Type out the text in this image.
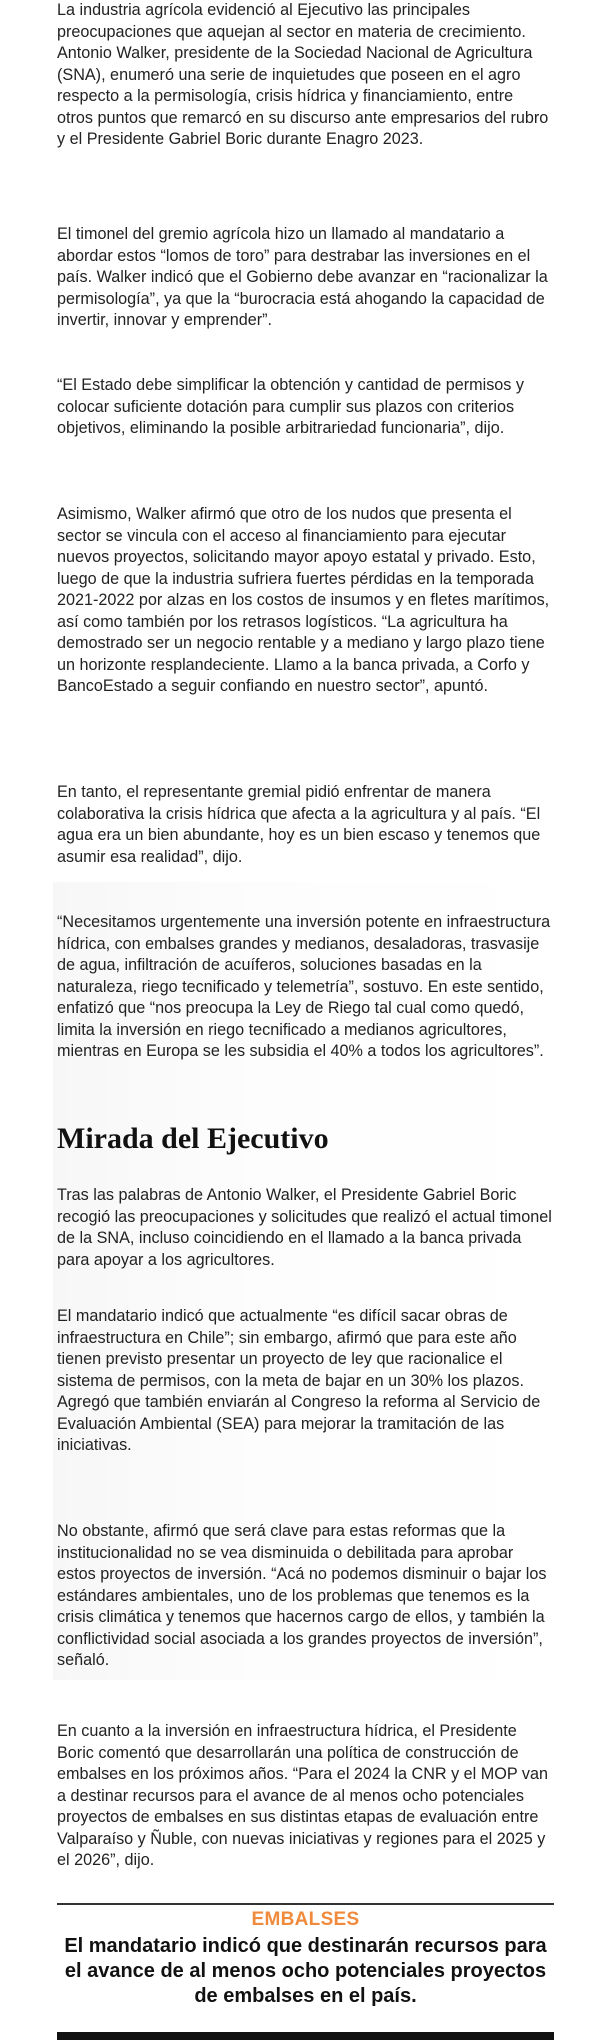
La industria agrícola evidenció al Ejecutivo las principales preocupaciones que aquejan al sector en materia de crecimiento. Antonio Walker, presidente de la Sociedad Nacional de Agricultura (SNA), enumeró una serie de inquietudes que poseen en el agro respecto a la permisología, crisis hídrica y financiamiento, entre otros puntos que remarcó en su discurso ante empresarios del rubro y el Presidente Gabriel Boric durante Enagro 2023.

El timonel del gremio agrícola hizo un llamado al mandatario a abordar estos “lomos de toro” para destrabar las inversiones en el país. Walker indicó que el Gobierno debe avanzar en “racionalizar la permisología”, ya que la “burocracia está ahogando la capacidad de invertir, innovar y emprender”.

“El Estado debe simplificar la obtención y cantidad de permisos y colocar suficiente dotación para cumplir sus plazos con criterios objetivos, eliminando la posible arbitrariedad funcionaria”, dijo.

Asimismo, Walker afirmó que otro de los nudos que presenta el sector se vincula con el acceso al financiamiento para ejecutar nuevos proyectos, solicitando mayor apoyo estatal y privado. Esto, luego de que la industria sufriera fuertes pérdidas en la temporada 2021-2022 por alzas en los costos de insumos y en fletes marítimos, así como también por los retrasos logísticos. “La agricultura ha demostrado ser un negocio rentable y a mediano y largo plazo tiene un horizonte resplandeciente. Llamo a la banca privada, a Corfo y BancoEstado a seguir confiando en nuestro sector”, apuntó.

En tanto, el representante gremial pidió enfrentar de manera colaborativa la crisis hídrica que afecta a la agricultura y al país. “El agua era un bien abundante, hoy es un bien escaso y tenemos que asumir esa realidad”, dijo.

“Necesitamos urgentemente una inversión potente en infraestructura hídrica, con embalses grandes y medianos, desaladoras, trasvasije de agua, infiltración de acuíferos, soluciones basadas en la naturaleza, riego tecnificado y telemetría”, sostuvo. En este sentido, enfatizó que “nos preocupa la Ley de Riego tal cual como quedó, limita la inversión en riego tecnificado a medianos agricultores, mientras en Europa se les subsidia el 40% a todos los agricultores”.

Mirada del Ejecutivo

Tras las palabras de Antonio Walker, el Presidente Gabriel Boric recogió las preocupaciones y solicitudes que realizó el actual timonel de la SNA, incluso coincidiendo en el llamado a la banca privada para apoyar a los agricultores.

El mandatario indicó que actualmente “es difícil sacar obras de infraestructura en Chile”; sin embargo, afirmó que para este año tienen previsto presentar un proyecto de ley que racionalice el sistema de permisos, con la meta de bajar en un 30% los plazos. Agregó que también enviarán al Congreso la reforma al Servicio de Evaluación Ambiental (SEA) para mejorar la tramitación de las iniciativas.

No obstante, afirmó que será clave para estas reformas que la institucionalidad no se vea disminuida o debilitada para aprobar estos proyectos de inversión. “Acá no podemos disminuir o bajar los estándares ambientales, uno de los problemas que tenemos es la crisis climática y tenemos que hacernos cargo de ellos, y también la conflictividad social asociada a los grandes proyectos de inversión”, señaló.

En cuanto a la inversión en infraestructura hídrica, el Presidente Boric comentó que desarrollarán una política de construcción de embalses en los próximos años. “Para el 2024 la CNR y el MOP van a destinar recursos para el avance de al menos ocho potenciales proyectos de embalses en sus distintas etapas de evaluación entre Valparaíso y Ñuble, con nuevas iniciativas y regiones para el 2025 y el 2026”, dijo.

EMBALSES
El mandatario indicó que destinarán recursos para el avance de al menos ocho potenciales proyectos de embalses en el país.
